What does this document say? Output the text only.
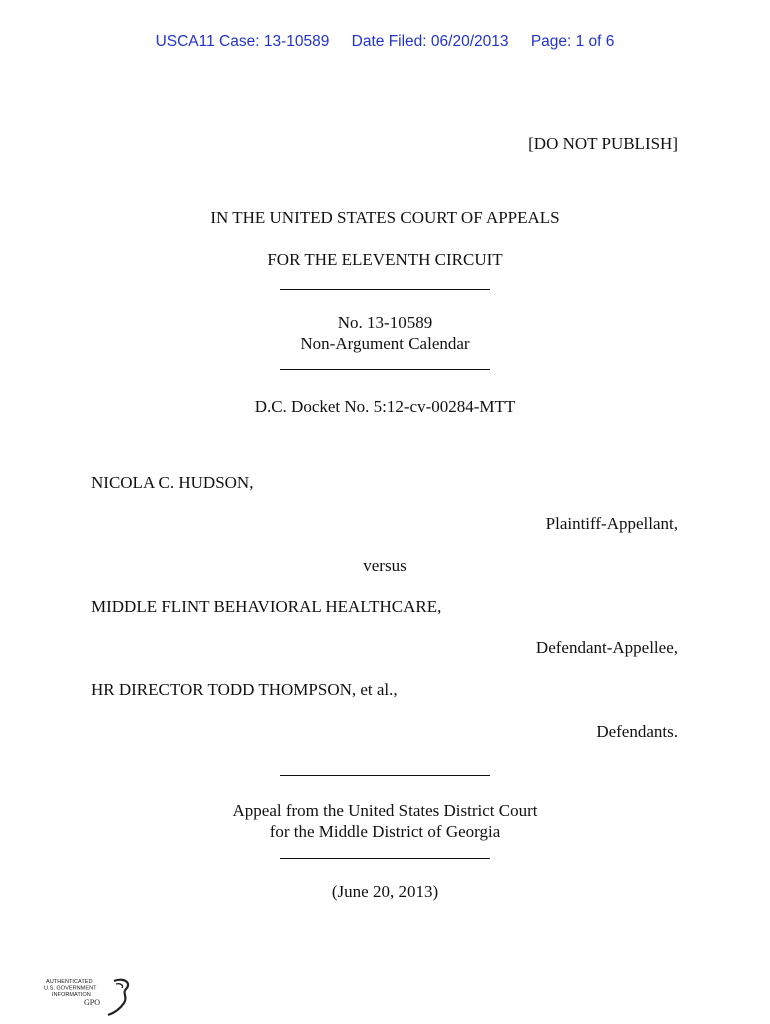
USCA11 Case: 13-10589 Date Filed: 06/20/2013 Page: 1 of 6
[DO NOT PUBLISH]
IN THE UNITED STATES COURT OF APPEALS
FOR THE ELEVENTH CIRCUIT
No. 13-10589
Non-Argument Calendar
D.C. Docket No. 5:12-cv-00284-MTT
NICOLA C. HUDSON,
Plaintiff-Appellant,
versus
MIDDLE FLINT BEHAVIORAL HEALTHCARE,
Defendant-Appellee,
HR DIRECTOR TODD THOMPSON, et al.,
Defendants.
Appeal from the United States District Court
for the Middle District of Georgia
(June 20, 2013)
AUTHENTICATED
U.S. GOVERNMENT
INFORMATION
GPO
